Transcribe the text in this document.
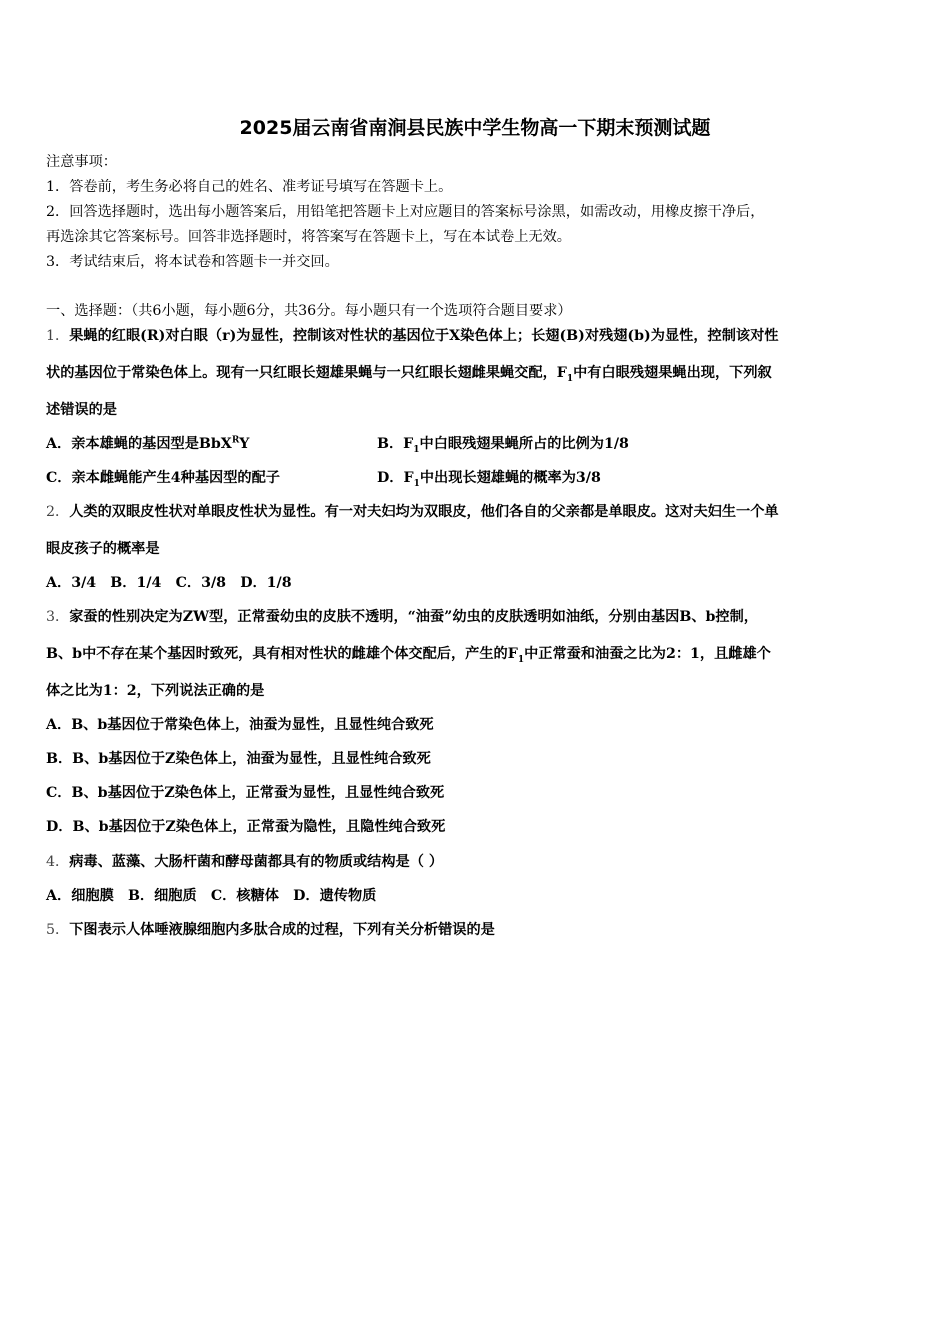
2025届云南省南涧县民族中学生物高一下期末预测试题
注意事项：
1．答卷前，考生务必将自己的姓名、准考证号填写在答题卡上。
2．回答选择题时，选出每小题答案后，用铅笔把答题卡上对应题目的答案标号涂黑，如需改动，用橡皮擦干净后，
再选涂其它答案标号。回答非选择题时，将答案写在答题卡上，写在本试卷上无效。
3．考试结束后，将本试卷和答题卡一并交回。
一、选择题：（共6小题，每小题6分，共36分。每小题只有一个选项符合题目要求）
1．果蝇的红眼(R)对白眼（r)为显性，控制该对性状的基因位于X染色体上；长翅(B)对残翅(b)为显性，控制该对性
状的基因位于常染色体上。现有一只红眼长翅雄果蝇与一只红眼长翅雌果蝇交配，$F_1$中有白眼残翅果蝇出现，下列叙
述错误的是
A．亲本雄蝇的基因型是BbX$^R$Y	B．$F_1$中白眼残翅果蝇所占的比例为1/8
C．亲本雌蝇能产生4种基因型的配子	D．$F_1$中出现长翅雄蝇的概率为3/8
2．人类的双眼皮性状对单眼皮性状为显性。有一对夫妇均为双眼皮，他们各自的父亲都是单眼皮。这对夫妇生一个单
眼皮孩子的概率是
A．3/4　B．1/4　C．3/8　D．1/8
3．家蚕的性别决定为ZW型，正常蚕幼虫的皮肤不透明，“油蚕”幼虫的皮肤透明如油纸，分别由基因B、b控制，
B、b中不存在某个基因时致死，具有相对性状的雌雄个体交配后，产生的$F_1$中正常蚕和油蚕之比为2：1，且雌雄个
体之比为1：2，下列说法正确的是
A．B、b基因位于常染色体上，油蚕为显性，且显性纯合致死
B．B、b基因位于Z染色体上，油蚕为显性，且显性纯合致死
C．B、b基因位于Z染色体上，正常蚕为显性，且显性纯合致死
D．B、b基因位于Z染色体上，正常蚕为隐性，且隐性纯合致死
4．病毒、蓝藻、大肠杆菌和酵母菌都具有的物质或结构是（ ）
A．细胞膜　B．细胞质　C．核糖体　D．遗传物质
5．下图表示人体唾液腺细胞内多肽合成的过程，下列有关分析错误的是
